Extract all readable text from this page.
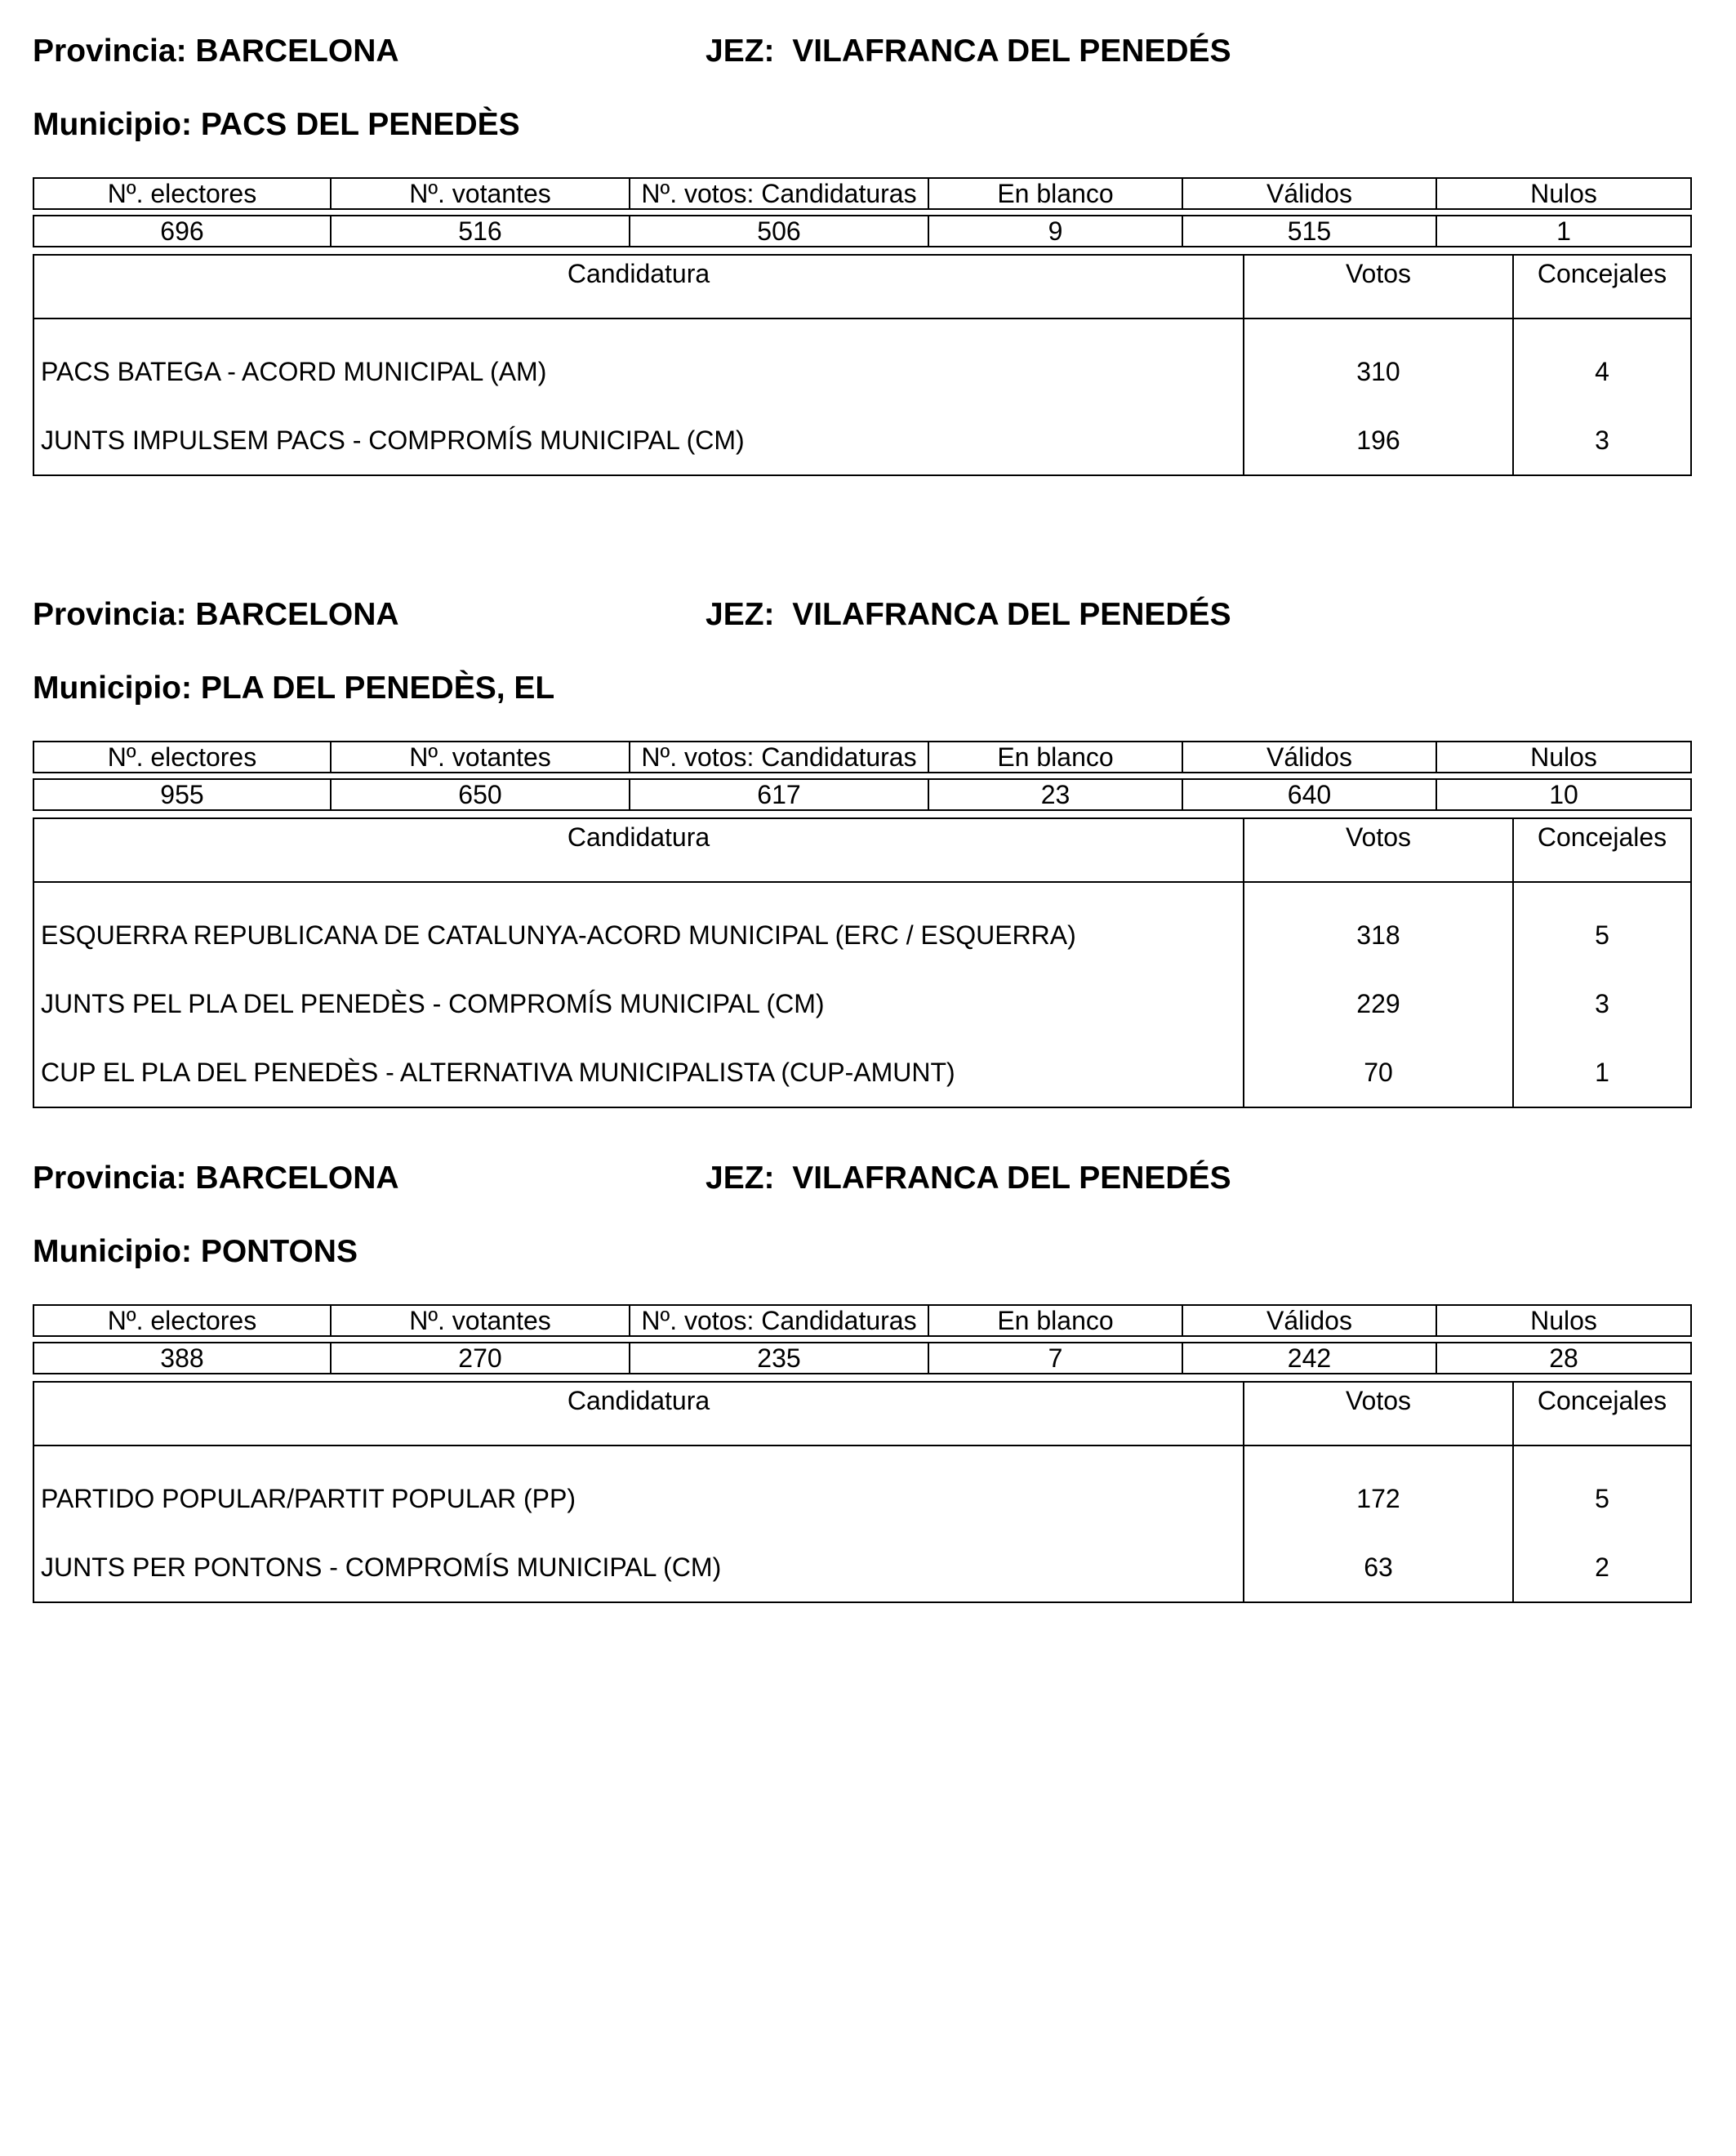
Provincia: BARCELONA	JEZ: VILAFRANCA DEL PENEDÉS
Municipio: PACS DEL PENEDÈS
Nº. electores	Nº. votantes	Nº. votos: Candidaturas	En blanco	Válidos	Nulos

696	516	506	9	515	1
Candidatura	Votos	Concejales
PACS BATEGA - ACORD MUNICIPAL (AM)	310	4
JUNTS IMPULSEM PACS - COMPROMÍS MUNICIPAL (CM)	196	3
Provincia: BARCELONA	JEZ: VILAFRANCA DEL PENEDÉS
Municipio: PLA DEL PENEDÈS, EL
Nº. electores	Nº. votantes	Nº. votos: Candidaturas	En blanco	Válidos	Nulos

955	650	617	23	640	10
Candidatura	Votos	Concejales
ESQUERRA REPUBLICANA DE CATALUNYA-ACORD MUNICIPAL (ERC / ESQUERRA)	318	5
JUNTS PEL PLA DEL PENEDÈS - COMPROMÍS MUNICIPAL (CM)	229	3
CUP EL PLA DEL PENEDÈS - ALTERNATIVA MUNICIPALISTA (CUP-AMUNT)	70	1
Provincia: BARCELONA	JEZ: VILAFRANCA DEL PENEDÉS
Municipio: PONTONS
Nº. electores	Nº. votantes	Nº. votos: Candidaturas	En blanco	Válidos	Nulos

388	270	235	7	242	28
Candidatura	Votos	Concejales
PARTIDO POPULAR/PARTIT POPULAR (PP)	172	5
JUNTS PER PONTONS - COMPROMÍS MUNICIPAL (CM)	63	2
